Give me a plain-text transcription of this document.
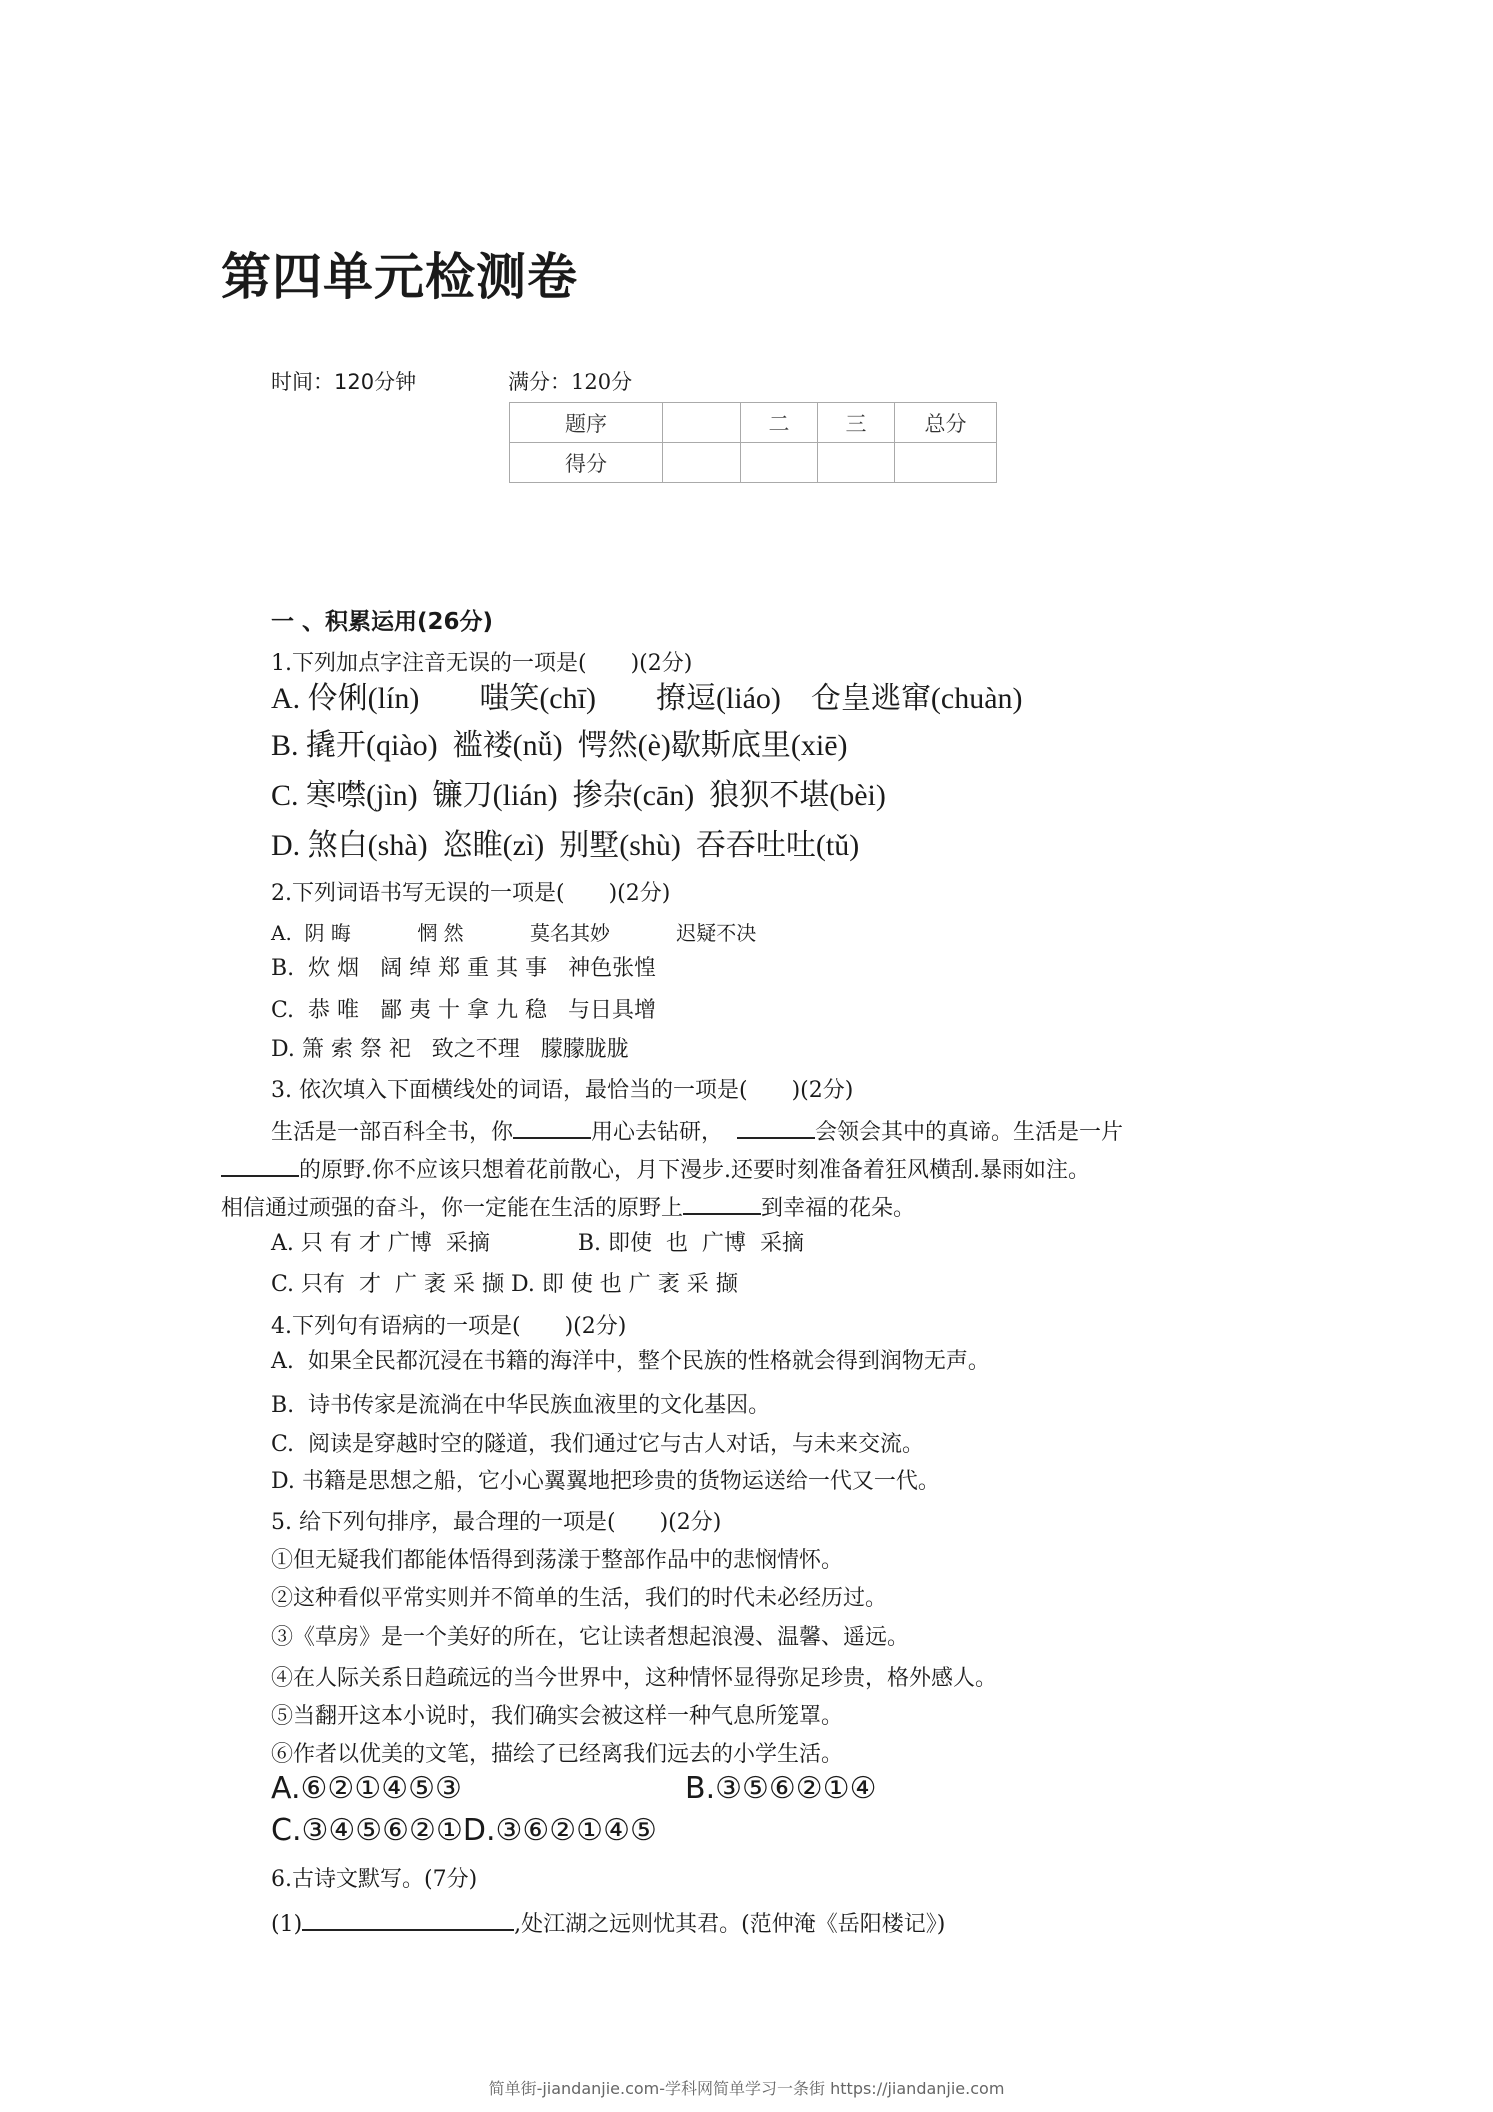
第四单元检测卷
时间：120分钟	满分：120分
题序		二	三	总分
得分				
一 、积累运用(26分)
1.下列加点字注音无误的一项是(　　)(2分)
A. 伶俐(lín)　　嗤笑(chī)　　撩逗(liáo)　仓皇逃窜(chuàn)
B. 撬开(qiào)  褴褛(nǚ)  愕然(è)歇斯底里(xiē)
C. 寒噤(jìn)  镰刀(lián)  掺杂(cān)  狼狈不堪(bèi)
D. 煞白(shà)  恣睢(zì)  别墅(shù)  吞吞吐吐(tǔ)
2.下列词语书写无误的一项是(　　)(2分)
A.  阴 晦　　　 惘 然　　　 莫名其妙　　　 迟疑不决
B.  炊 烟   阔 绰 郑 重 其 事   神色张惶
C.  恭 唯   鄙 夷 十 拿 九 稳   与日具增
D. 箫 索 祭 祀   致之不理   朦朦胧胧
3. 依次填入下面横线处的词语，最恰当的一项是(　　)(2分)
生活是一部百科全书，你	用心去钻研，	会领会其中的真谛。生活是一片
的原野.你不应该只想着花前散心，月下漫步.还要时刻准备着狂风横刮.暴雨如注。
相信通过顽强的奋斗，你一定能在生活的原野上	到幸福的花朵。
A. 只 有 才 广博  采摘　　　　B. 即使  也  广博  采摘
C. 只有  才  广 袤 采 撷 D. 即 使 也 广 袤 采 撷
4.下列句有语病的一项是(　　)(2分)
A.  如果全民都沉浸在书籍的海洋中，整个民族的性格就会得到润物无声。
B.  诗书传家是流淌在中华民族血液里的文化基因。
C.  阅读是穿越时空的隧道，我们通过它与古人对话，与未来交流。
D. 书籍是思想之船，它小心翼翼地把珍贵的货物运送给一代又一代。
5. 给下列句排序，最合理的一项是(　　)(2分)
①但无疑我们都能体悟得到荡漾于整部作品中的悲悯情怀。
②这种看似平常实则并不简单的生活，我们的时代未必经历过。
③《草房》是一个美好的所在，它让读者想起浪漫、温馨、遥远。
④在人际关系日趋疏远的当今世界中，这种情怀显得弥足珍贵，格外感人。
⑤当翻开这本小说时，我们确实会被这样一种气息所笼罩。
⑥作者以优美的文笔，描绘了已经离我们远去的小学生活。
A.⑥②①④⑤③	B.③⑤⑥②①④
C.③④⑤⑥②①D.③⑥②①④⑤
6.古诗文默写。(7分)
(1)	,处江湖之远则忧其君。(范仲淹《岳阳楼记》)
简单街-jiandanjie.com-学科网简单学习一条街 https://jiandanjie.com
